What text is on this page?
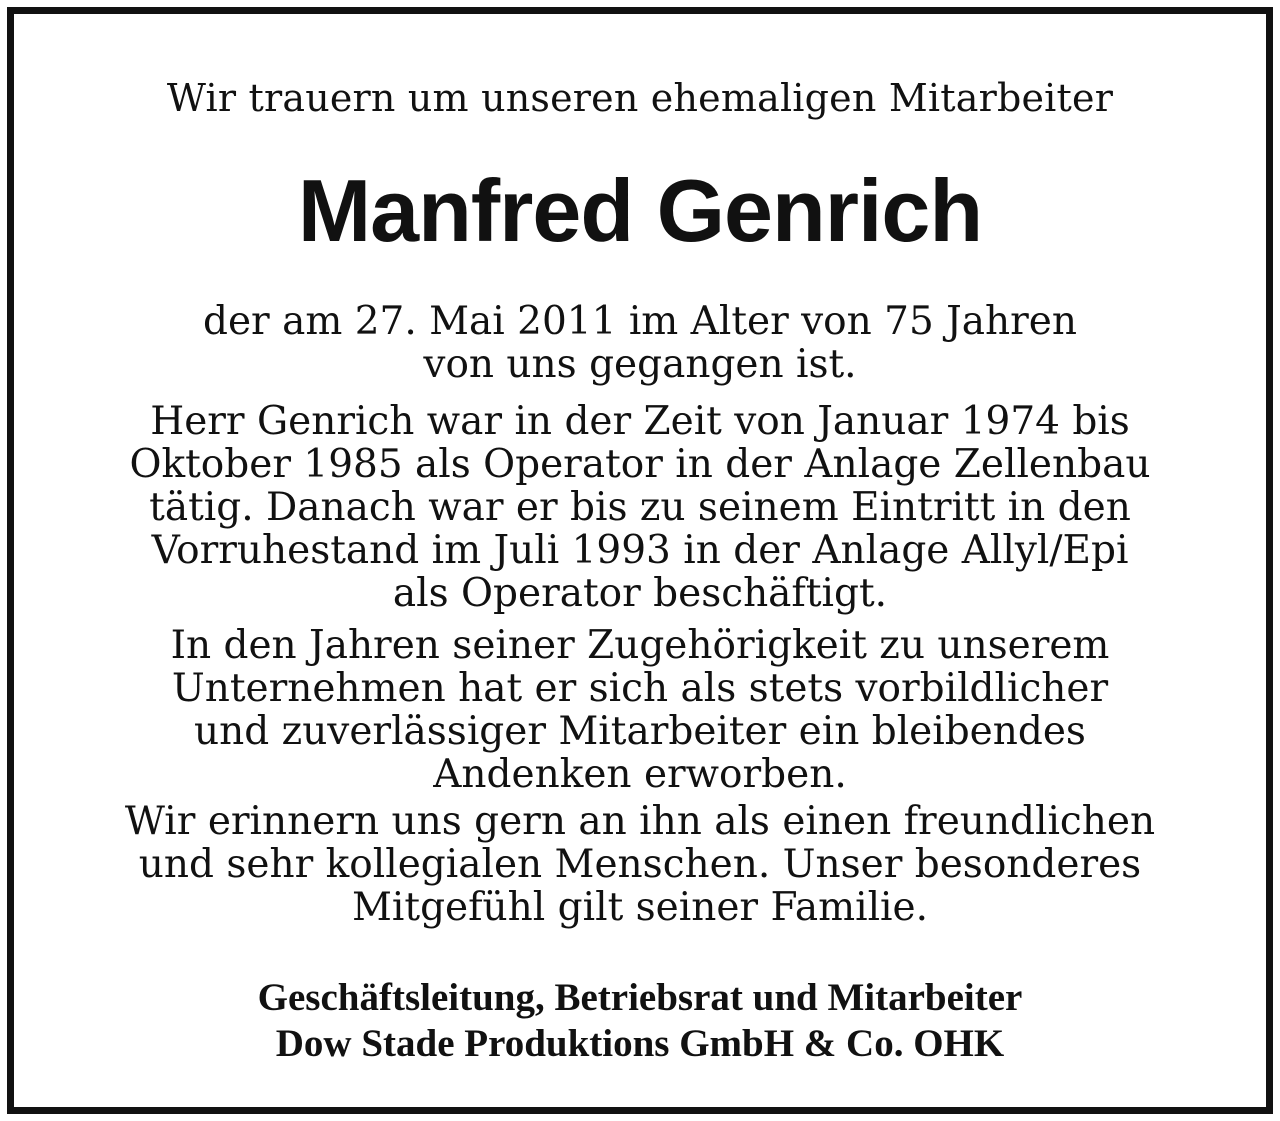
Wir trauern um unseren ehemaligen Mitarbeiter
Manfred Genrich
der am 27. Mai 2011 im Alter von 75 Jahren
von uns gegangen ist.
Herr Genrich war in der Zeit von Januar 1974 bis
Oktober 1985 als Operator in der Anlage Zellenbau
tätig. Danach war er bis zu seinem Eintritt in den
Vorruhestand im Juli 1993 in der Anlage Allyl/Epi
als Operator beschäftigt.
In den Jahren seiner Zugehörigkeit zu unserem
Unternehmen hat er sich als stets vorbildlicher
und zuverlässiger Mitarbeiter ein bleibendes
Andenken erworben.
Wir erinnern uns gern an ihn als einen freundlichen
und sehr kollegialen Menschen. Unser besonderes
Mitgefühl gilt seiner Familie.
Geschäftsleitung, Betriebsrat und Mitarbeiter
Dow Stade Produktions GmbH & Co. OHK
